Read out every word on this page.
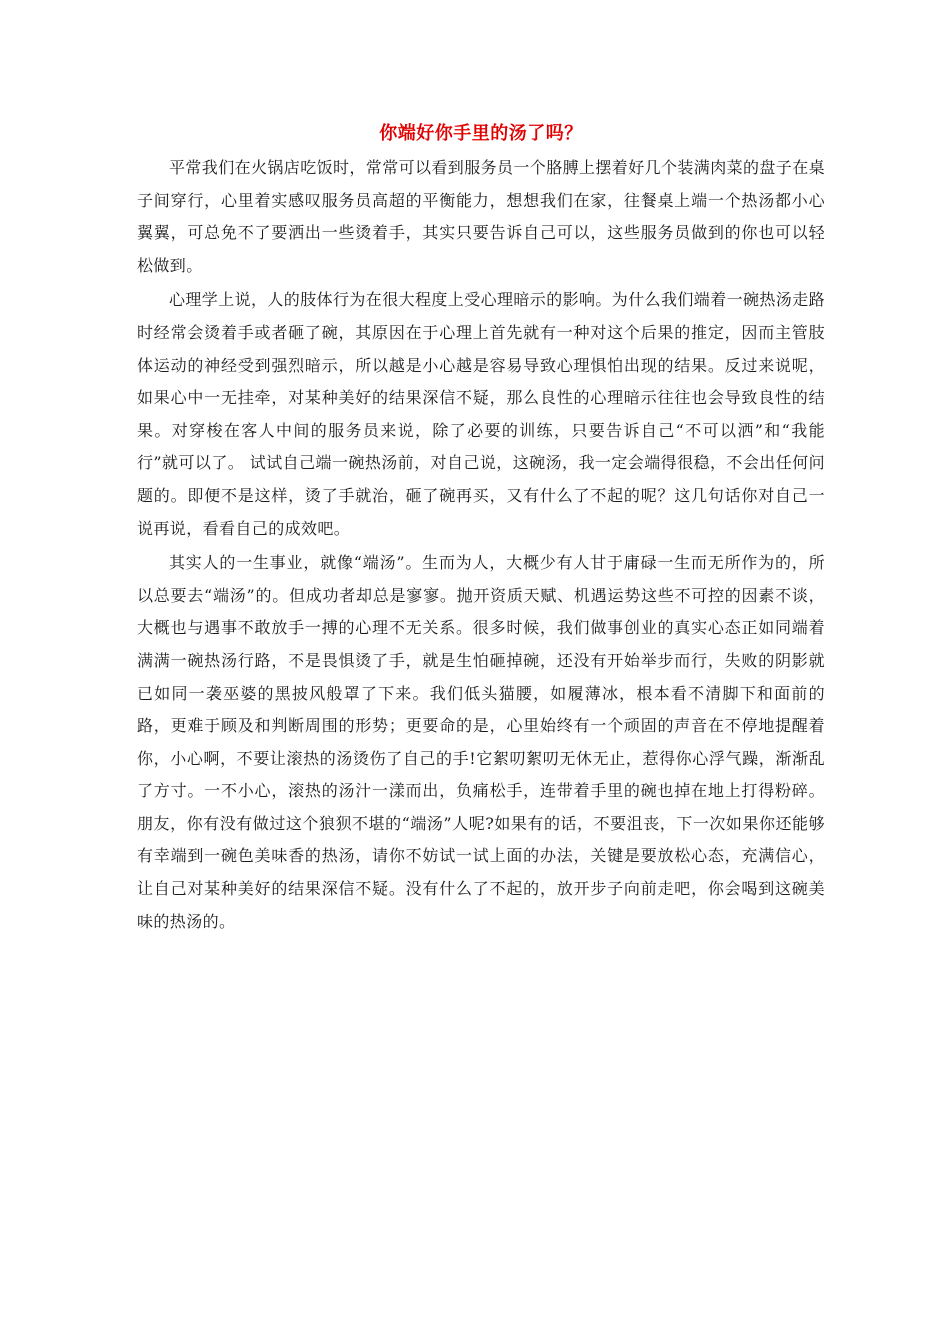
你端好你手里的汤了吗？

平常我们在火锅店吃饭时，常常可以看到服务员一个胳膊上摆着好几个装满肉菜的盘子在桌子间穿行，心里着实感叹服务员高超的平衡能力，想想我们在家，往餐桌上端一个热汤都小心翼翼，可总免不了要洒出一些烫着手，其实只要告诉自己可以，这些服务员做到的你也可以轻松做到。

心理学上说，人的肢体行为在很大程度上受心理暗示的影响。为什么我们端着一碗热汤走路时经常会烫着手或者砸了碗，其原因在于心理上首先就有一种对这个后果的推定，因而主管肢体运动的神经受到强烈暗示，所以越是小心越是容易导致心理惧怕出现的结果。反过来说呢，如果心中一无挂牵，对某种美好的结果深信不疑，那么良性的心理暗示往往也会导致良性的结果。对穿梭在客人中间的服务员来说，除了必要的训练，只要告诉自己“不可以洒”和“我能行”就可以了。 试试自己端一碗热汤前，对自己说，这碗汤，我一定会端得很稳，不会出任何问题的。即便不是这样，烫了手就治，砸了碗再买，又有什么了不起的呢？这几句话你对自己一说再说，看看自己的成效吧。

其实人的一生事业，就像“端汤”。生而为人，大概少有人甘于庸碌一生而无所作为的，所以总要去“端汤”的。但成功者却总是寥寥。抛开资质天赋、机遇运势这些不可控的因素不谈，大概也与遇事不敢放手一搏的心理不无关系。很多时候，我们做事创业的真实心态正如同端着满满一碗热汤行路，不是畏惧烫了手，就是生怕砸掉碗，还没有开始举步而行，失败的阴影就已如同一袭巫婆的黑披风般罩了下来。我们低头猫腰，如履薄冰，根本看不清脚下和面前的路，更难于顾及和判断周围的形势；更要命的是，心里始终有一个顽固的声音在不停地提醒着你，小心啊，不要让滚热的汤烫伤了自己的手!它絮叨絮叨无休无止，惹得你心浮气躁，渐渐乱了方寸。一不小心，滚热的汤汁一漾而出，负痛松手，连带着手里的碗也掉在地上打得粉碎。 朋友，你有没有做过这个狼狈不堪的“端汤”人呢?如果有的话，不要沮丧，下一次如果你还能够有幸端到一碗色美味香的热汤，请你不妨试一试上面的办法，关键是要放松心态，充满信心，让自己对某种美好的结果深信不疑。没有什么了不起的，放开步子向前走吧，你会喝到这碗美味的热汤的。
